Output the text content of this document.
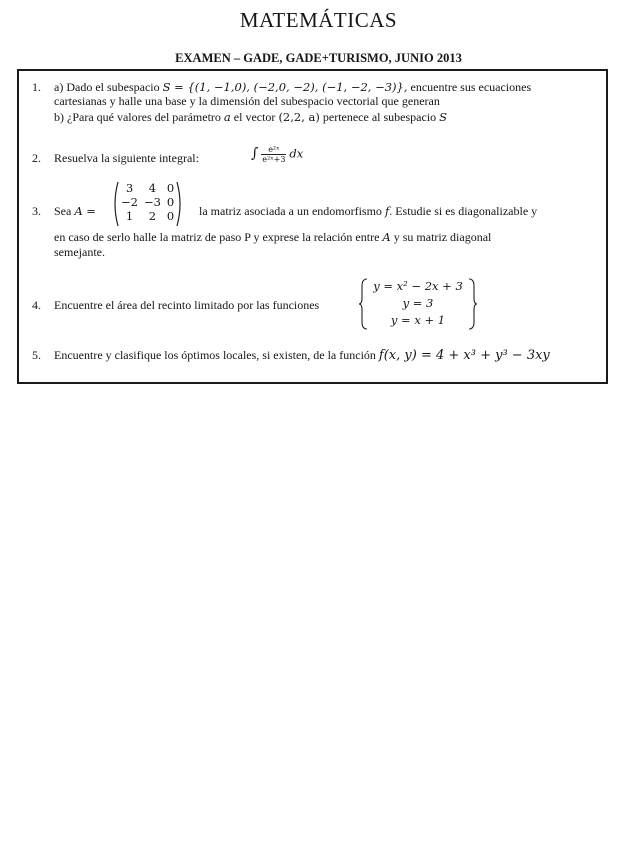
MATEMÁTICAS
EXAMEN – GADE, GADE+TURISMO, JUNIO 2013
1. a) Dado el subespacio S = {(1, −1,0), (−2,0, −2), (−1, −2, −3)}, encuentre sus ecuaciones
cartesianas y halle una base y la dimensión del subespacio vectorial que generan
b) ¿Para qué valores del parámetro a el vector (2,2, a) pertenece al subespacio S
2. Resuelva la siguiente integral:	∫ $\frac{\text{e²ˣ}}{\text{e²ˣ+3}}$ dx
3. Sea A =

3	4	0
−2	−3	0
1	2	0 la matriz asociada a un endomorfismo f. Estudie si es diagonalizable y
en caso de serlo halle la matriz de paso P y exprese la relación entre A y su matriz diagonal
semejante.
4. Encuentre el área del recinto limitado por las funciones
y = x² − 2x + 3
y = 3
y = x + 1
5. Encuentre y clasifique los óptimos locales, si existen, de la función f(x, y) = 4 + x³ + y³ − 3xy
